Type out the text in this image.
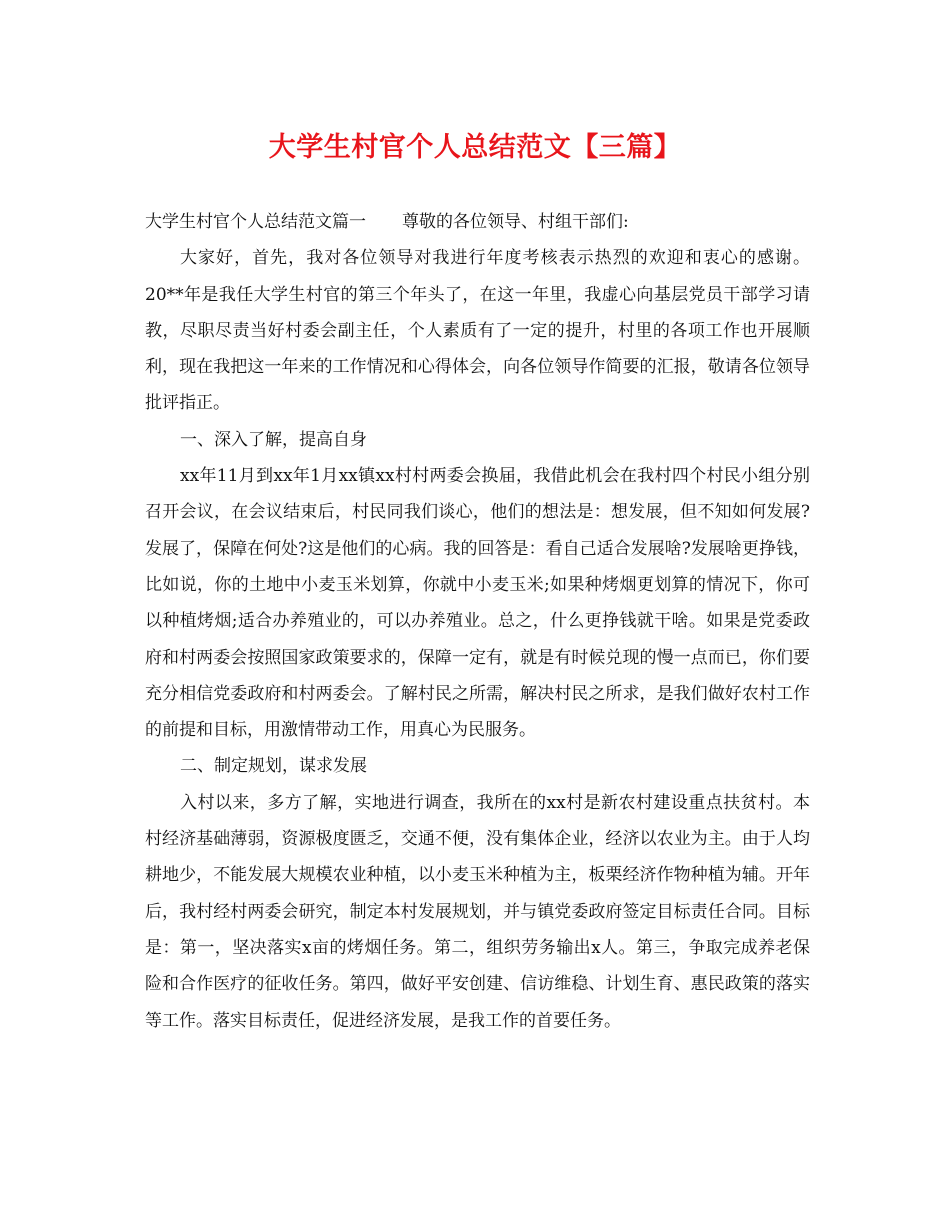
大学生村官个人总结范文【三篇】

大学生村官个人总结范文篇一 尊敬的各位领导、村组干部们:

大家好，首先，我对各位领导对我进行年度考核表示热烈的欢迎和衷心的感谢。20**年是我任大学生村官的第三个年头了，在这一年里，我虚心向基层党员干部学习请教，尽职尽责当好村委会副主任，个人素质有了一定的提升，村里的各项工作也开展顺利，现在我把这一年来的工作情况和心得体会，向各位领导作简要的汇报，敬请各位领导批评指正。

一、深入了解，提高自身

xx年11月到xx年1月xx镇xx村村两委会换届，我借此机会在我村四个村民小组分别召开会议，在会议结束后，村民同我们谈心，他们的想法是：想发展，但不知如何发展?发展了，保障在何处?这是他们的心病。我的回答是：看自己适合发展啥?发展啥更挣钱，比如说，你的土地中小麦玉米划算，你就中小麦玉米;如果种烤烟更划算的情况下，你可以种植烤烟;适合办养殖业的，可以办养殖业。总之，什么更挣钱就干啥。如果是党委政府和村两委会按照国家政策要求的，保障一定有，就是有时候兑现的慢一点而已，你们要充分相信党委政府和村两委会。了解村民之所需，解决村民之所求，是我们做好农村工作的前提和目标，用激情带动工作，用真心为民服务。

二、制定规划，谋求发展

入村以来，多方了解，实地进行调查，我所在的xx村是新农村建设重点扶贫村。本村经济基础薄弱，资源极度匮乏，交通不便，没有集体企业，经济以农业为主。由于人均耕地少，不能发展大规模农业种植，以小麦玉米种植为主，板栗经济作物种植为辅。开年后，我村经村两委会研究，制定本村发展规划，并与镇党委政府签定目标责任合同。目标是：第一，坚决落实x亩的烤烟任务。第二，组织劳务输出x人。第三，争取完成养老保险和合作医疗的征收任务。第四，做好平安创建、信访维稳、计划生育、惠民政策的落实等工作。落实目标责任，促进经济发展，是我工作的首要任务。
